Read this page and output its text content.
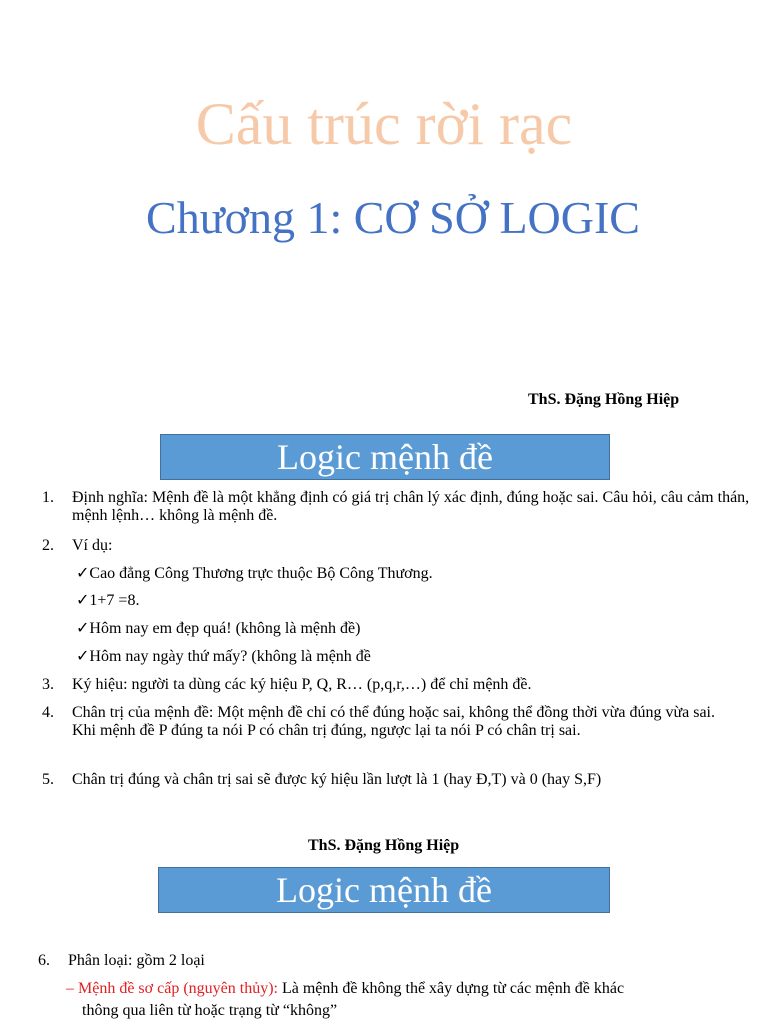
Cấu trúc rời rạc
Chương 1: CƠ SỞ LOGIC
ThS. Đặng Hồng Hiệp
Logic mệnh đề
1. Định nghĩa: Mệnh đề là một khẳng định có giá trị chân lý xác định, đúng hoặc sai. Câu hỏi, câu cảm thán, mệnh lệnh… không là mệnh đề.
2. Ví dụ:
✓Cao đẳng Công Thương trực thuộc Bộ Công Thương.
✓1+7 =8.
✓Hôm nay em đẹp quá! (không là mệnh đề)
✓Hôm nay ngày thứ mấy? (không là mệnh đề
3. Ký hiệu: người ta dùng các ký hiệu P, Q, R… (p,q,r,…) để chỉ mệnh đề.
4. Chân trị của mệnh đề: Một mệnh đề chỉ có thể đúng hoặc sai, không thể đồng thời vừa đúng vừa sai. Khi mệnh đề P đúng ta nói P có chân trị đúng, ngược lại ta nói P có chân trị sai.
5. Chân trị đúng và chân trị sai sẽ được ký hiệu lần lượt là 1 (hay Đ,T) và 0 (hay S,F)
ThS. Đặng Hồng Hiệp
Logic mệnh đề
6. Phân loại: gồm 2 loại
– Mệnh đề sơ cấp (nguyên thủy): Là mệnh đề không thể xây dựng từ các mệnh đề khác
thông qua liên từ hoặc trạng từ “không”
